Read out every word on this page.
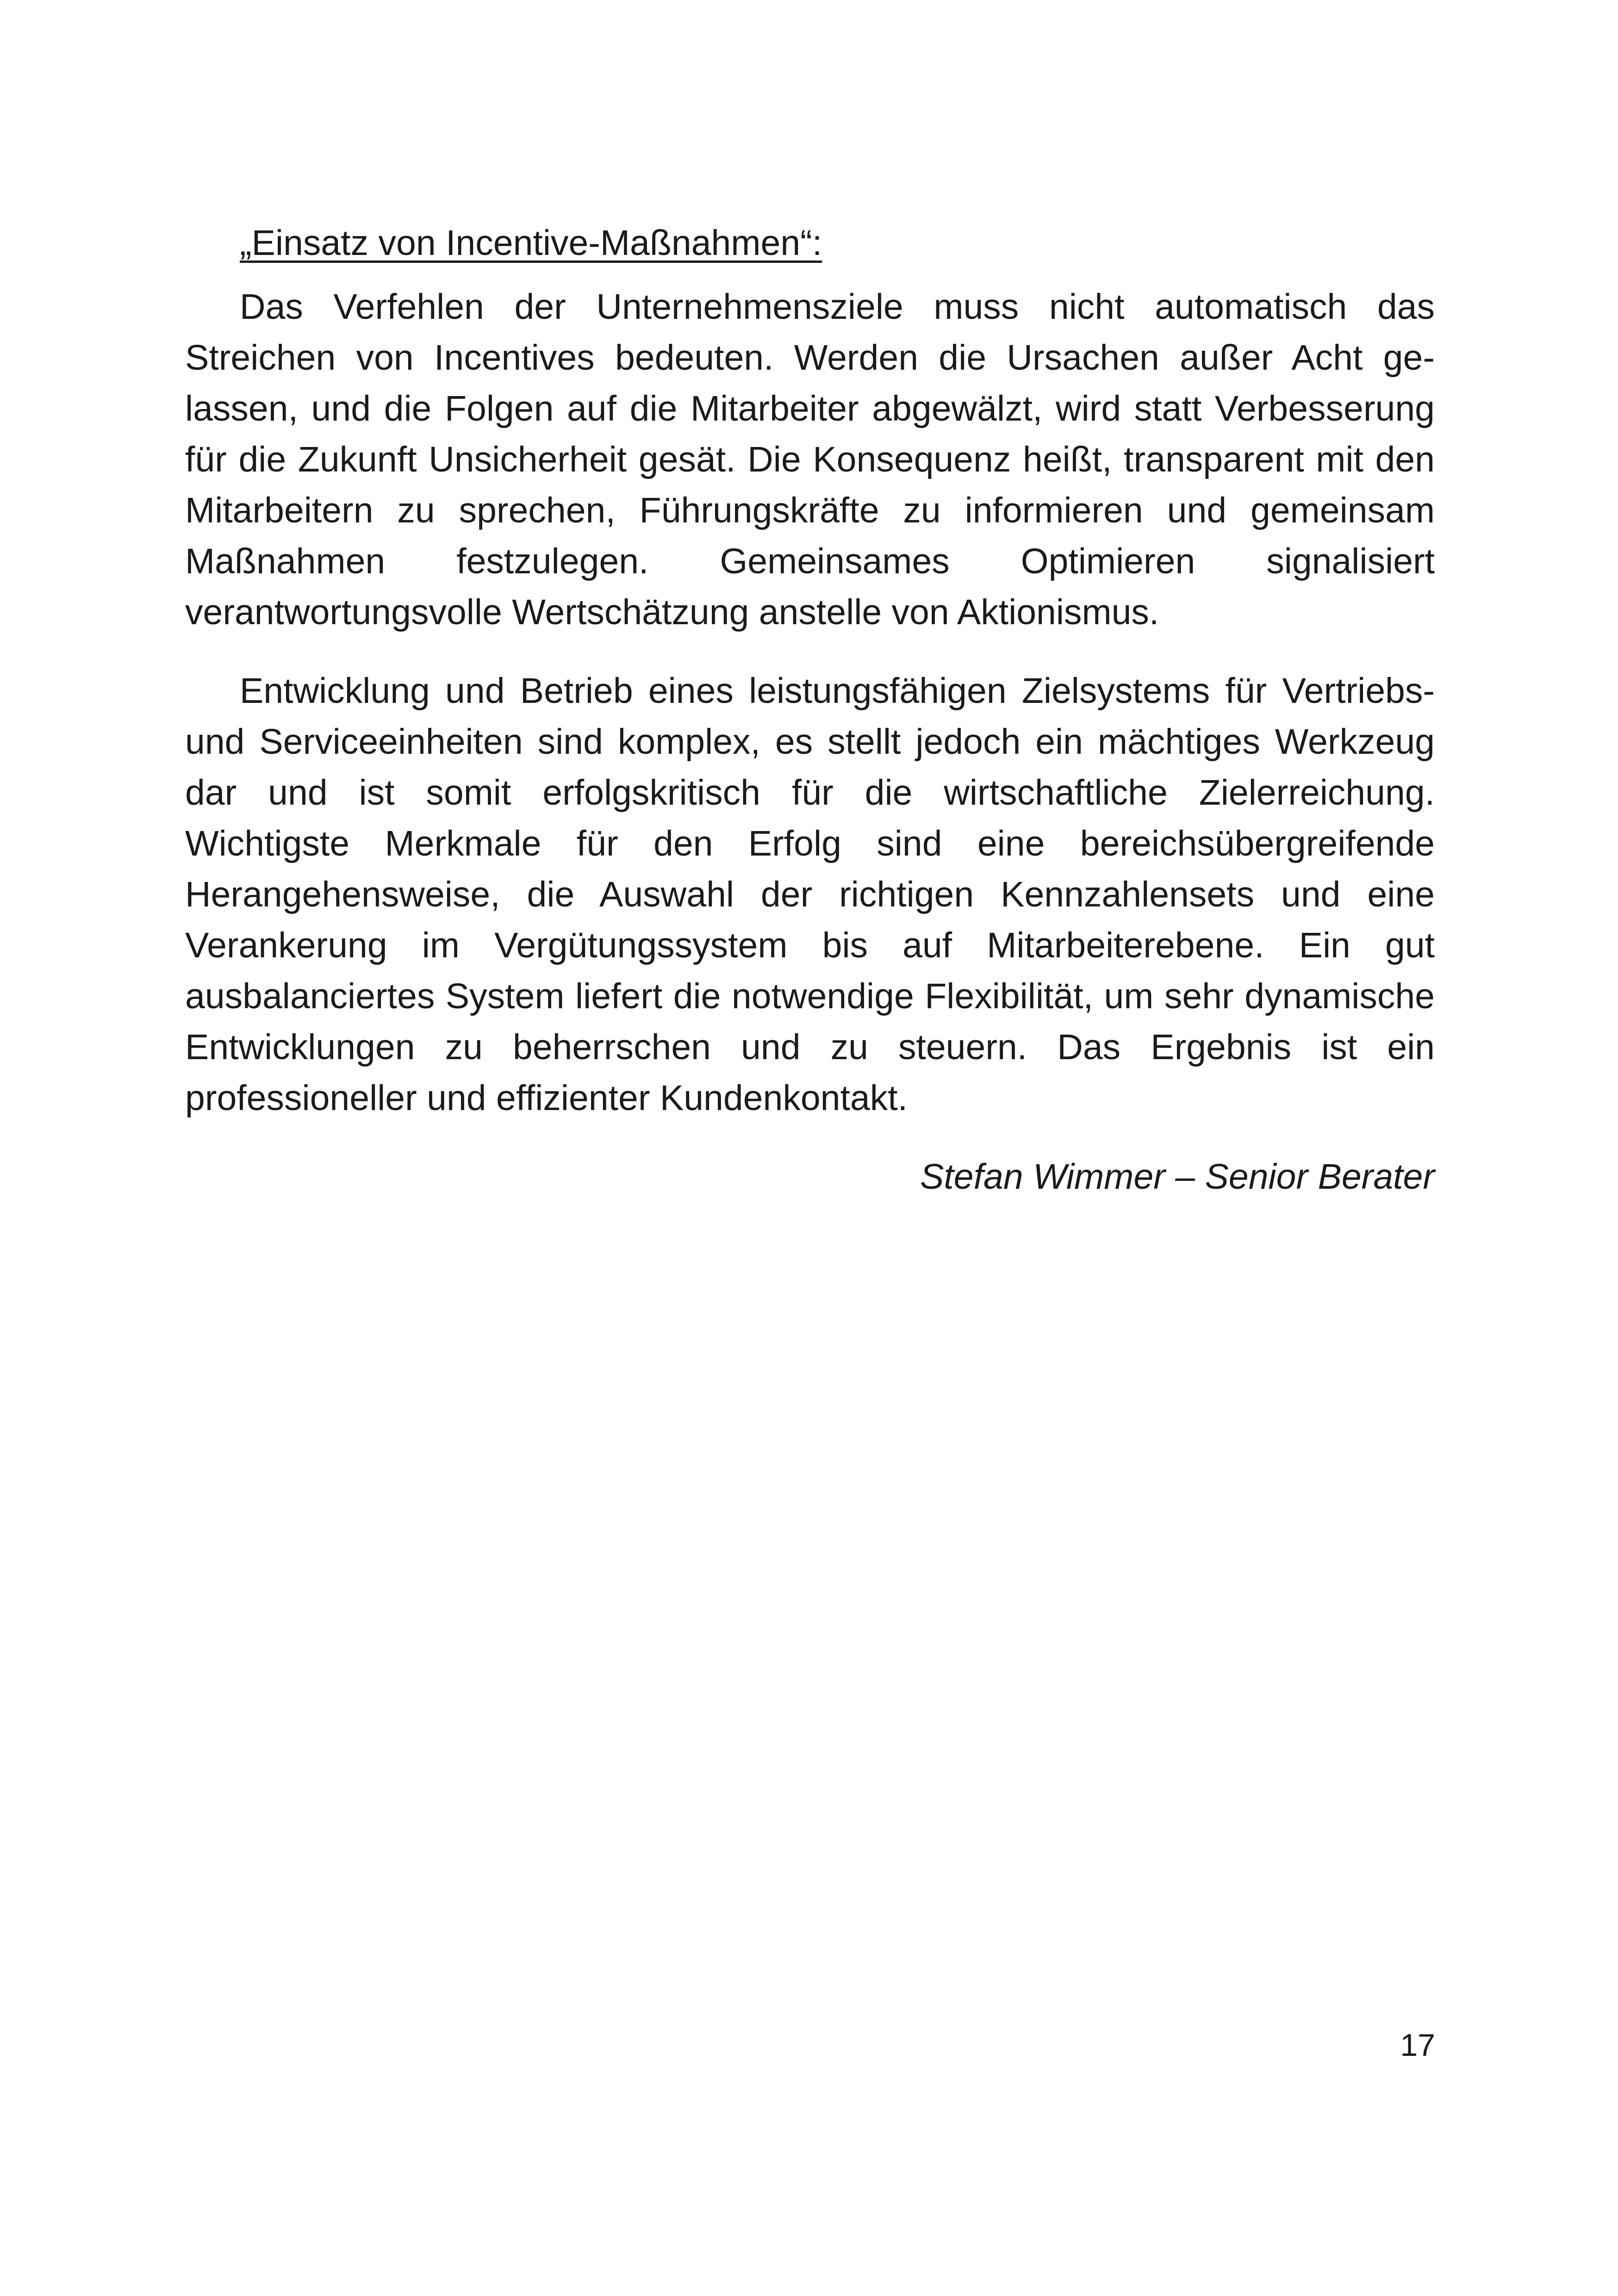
„Einsatz von Incentive-Maßnahmen“:

Das Verfehlen der Unternehmensziele muss nicht automatisch das Streichen von Incentives bedeuten. Werden die Ursachen außer Acht gelassen, und die Folgen auf die Mitarbeiter abgewälzt, wird statt Verbesserung für die Zukunft Unsicherheit gesät. Die Konsequenz heißt, transparent mit den Mitarbeitern zu sprechen, Führungskräfte zu informieren und gemeinsam Maßnahmen festzulegen. Gemeinsames Optimieren signalisiert verantwortungsvolle Wertschätzung anstelle von Aktionismus.

Entwicklung und Betrieb eines leistungsfähigen Zielsystems für Vertriebs- und Serviceeinheiten sind komplex, es stellt jedoch ein mächtiges Werkzeug dar und ist somit erfolgskritisch für die wirtschaftliche Zielerreichung. Wichtigste Merkmale für den Erfolg sind eine bereichsübergreifende Herangehensweise, die Auswahl der richtigen Kennzahlensets und eine Verankerung im Vergütungssystem bis auf Mitarbeiterebene. Ein gut ausbalanciertes System liefert die notwendige Flexibilität, um sehr dynamische Entwicklungen zu beherrschen und zu steuern. Das Ergebnis ist ein professioneller und effizienter Kundenkontakt.

Stefan Wimmer – Senior Berater

17
